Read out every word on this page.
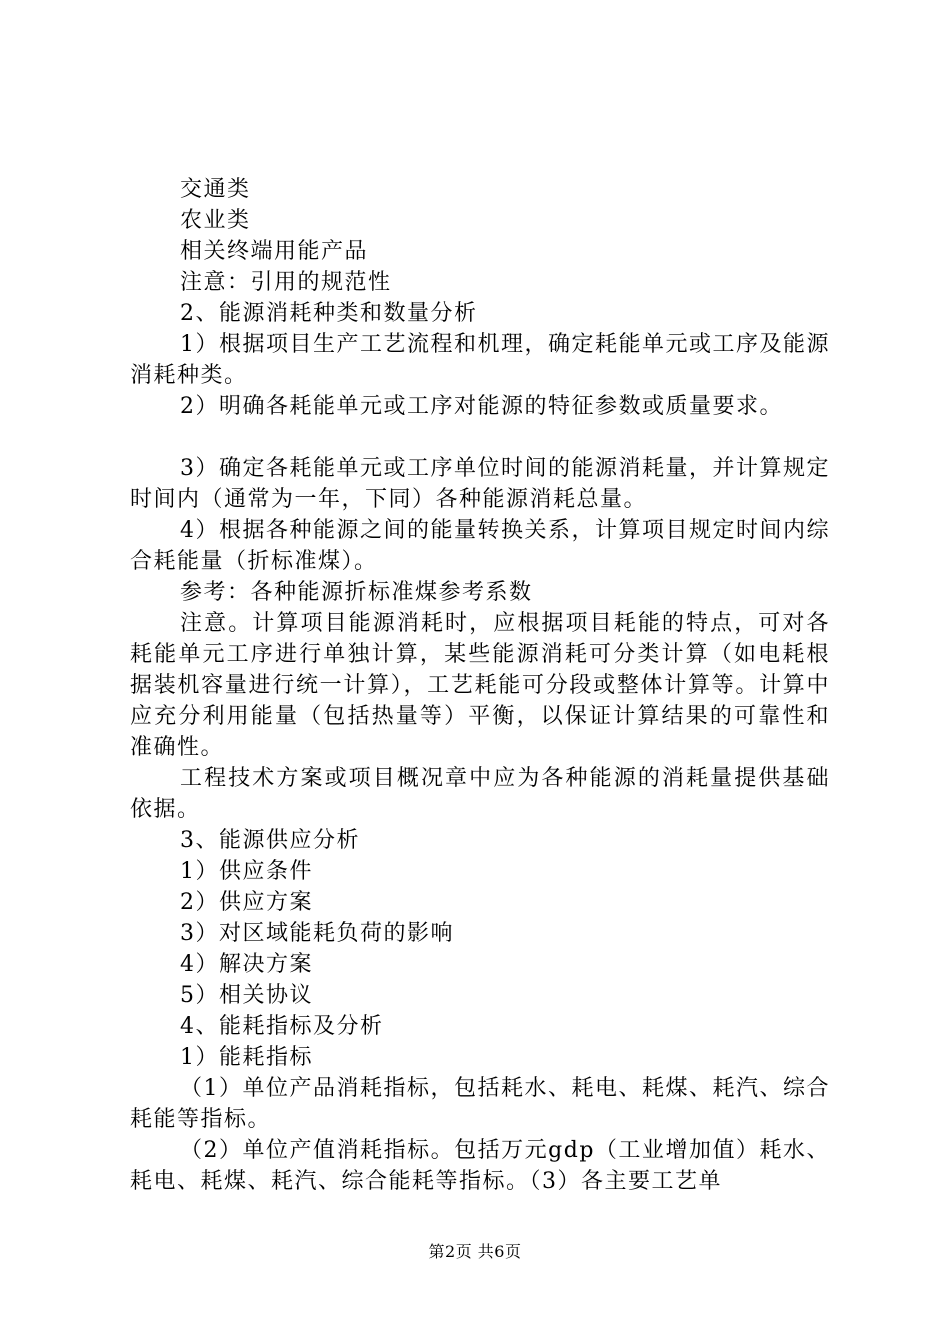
交通类

农业类

相关终端用能产品

注意：引用的规范性

2、能源消耗种类和数量分析

1）根据项目生产工艺流程和机理，确定耗能单元或工序及能源消耗种类。

2）明确各耗能单元或工序对能源的特征参数或质量要求。

3）确定各耗能单元或工序单位时间的能源消耗量，并计算规定时间内（通常为一年，下同）各种能源消耗总量。

4）根据各种能源之间的能量转换关系，计算项目规定时间内综合耗能量（折标准煤）。

参考：各种能源折标准煤参考系数

注意。计算项目能源消耗时，应根据项目耗能的特点，可对各耗能单元工序进行单独计算，某些能源消耗可分类计算（如电耗根据装机容量进行统一计算），工艺耗能可分段或整体计算等。计算中应充分利用能量（包括热量等）平衡，以保证计算结果的可靠性和准确性。

工程技术方案或项目概况章中应为各种能源的消耗量提供基础依据。

3、能源供应分析

1）供应条件

2）供应方案

3）对区域能耗负荷的影响

4）解决方案

5）相关协议

4、能耗指标及分析

1）能耗指标

（1）单位产品消耗指标，包括耗水、耗电、耗煤、耗汽、综合耗能等指标。

（2）单位产值消耗指标。包括万元gdp（工业增加值）耗水、耗电、耗煤、耗汽、综合能耗等指标。（3）各主要工艺单

第2页 共6页
